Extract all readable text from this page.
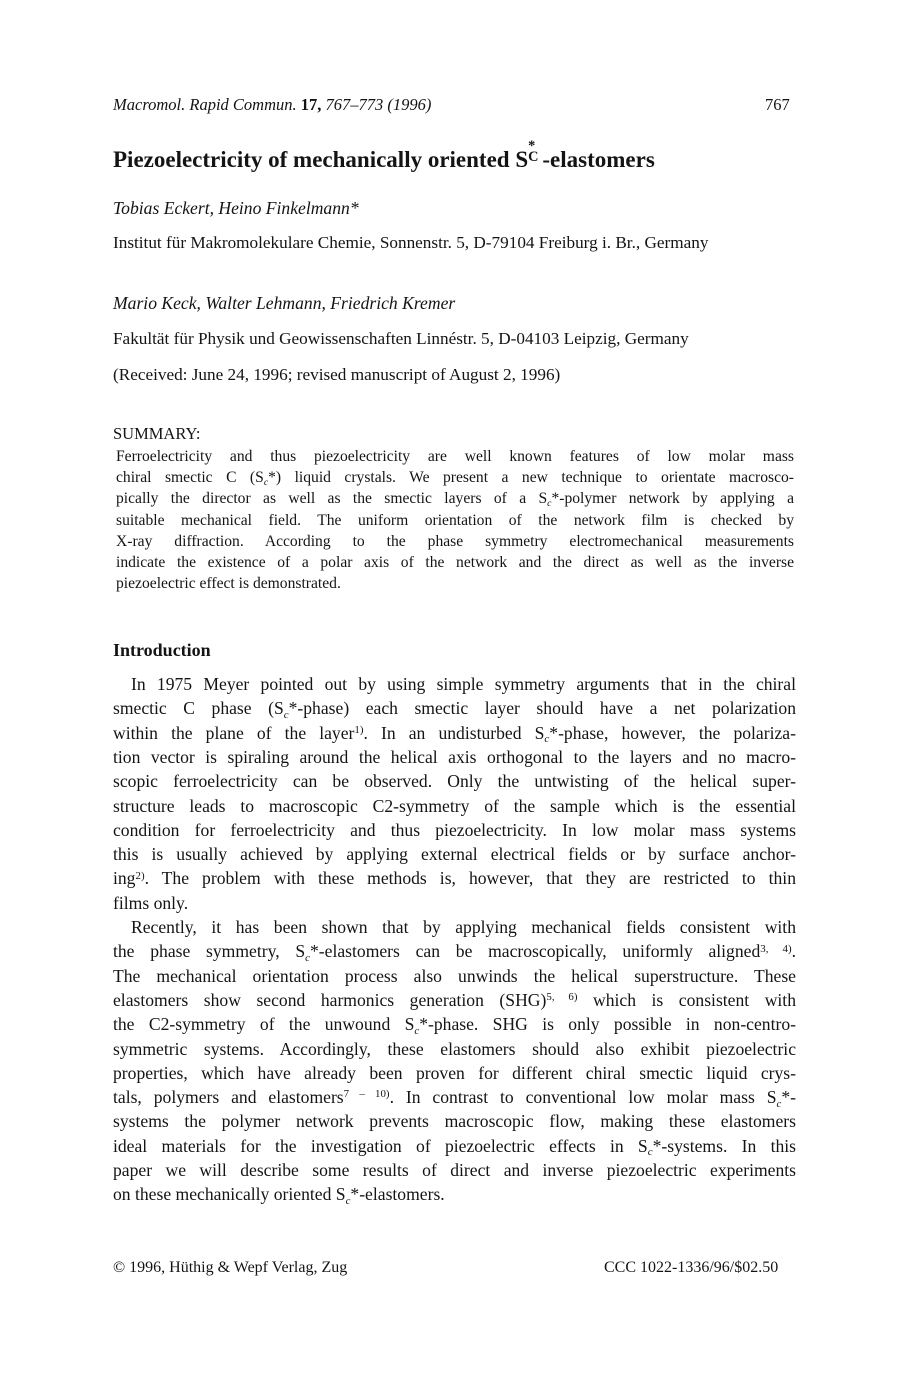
Macromol. Rapid Commun. 17, 767–773 (1996)	767
Piezoelectricity of mechanically oriented S
*
C -elastomers
Tobias Eckert, Heino Finkelmann*
Institut für Makromolekulare Chemie, Sonnenstr. 5, D-79104 Freiburg i. Br., Germany
Mario Keck, Walter Lehmann, Friedrich Kremer
Fakultät für Physik und Geowissenschaften Linnéstr. 5, D-04103 Leipzig, Germany
(Received: June 24, 1996; revised manuscript of August 2, 1996)
SUMMARY:
Ferroelectricity and thus piezoelectricity are well known features of low molar mass
chiral smectic C (Sc*) liquid crystals. We present a new technique to orientate macrosco-
pically the director as well as the smectic layers of a Sc*-polymer network by applying a
suitable mechanical field. The uniform orientation of the network film is checked by
X-ray diffraction. According to the phase symmetry electromechanical measurements
indicate the existence of a polar axis of the network and the direct as well as the inverse
piezoelectric effect is demonstrated.
Introduction
In 1975 Meyer pointed out by using simple symmetry arguments that in the chiral
smectic C phase (Sc*-phase) each smectic layer should have a net polarization
within the plane of the layer$^{1)}$. In an undisturbed Sc*-phase, however, the polariza-
tion vector is spiraling around the helical axis orthogonal to the layers and no macro-
scopic ferroelectricity can be observed. Only the untwisting of the helical super-
structure leads to macroscopic C2-symmetry of the sample which is the essential
condition for ferroelectricity and thus piezoelectricity. In low molar mass systems
this is usually achieved by applying external electrical fields or by surface anchor-
ing$^{2)}$. The problem with these methods is, however, that they are restricted to thin
films only.
Recently, it has been shown that by applying mechanical fields consistent with
the phase symmetry, Sc*-elastomers can be macroscopically, uniformly aligned$^{3, 4)}$.
The mechanical orientation process also unwinds the helical superstructure. These
elastomers show second harmonics generation (SHG)$^{5, 6)}$ which is consistent with
the C2-symmetry of the unwound Sc*-phase. SHG is only possible in non-centro-
symmetric systems. Accordingly, these elastomers should also exhibit piezoelectric
properties, which have already been proven for different chiral smectic liquid crys-
tals, polymers and elastomers$^{7 - 10)}$. In contrast to conventional low molar mass Sc*-
systems the polymer network prevents macroscopic flow, making these elastomers
ideal materials for the investigation of piezoelectric effects in Sc*-systems. In this
paper we will describe some results of direct and inverse piezoelectric experiments
on these mechanically oriented Sc*-elastomers.
© 1996, Hüthig & Wepf Verlag, Zug	CCC 1022-1336/96/$02.50
